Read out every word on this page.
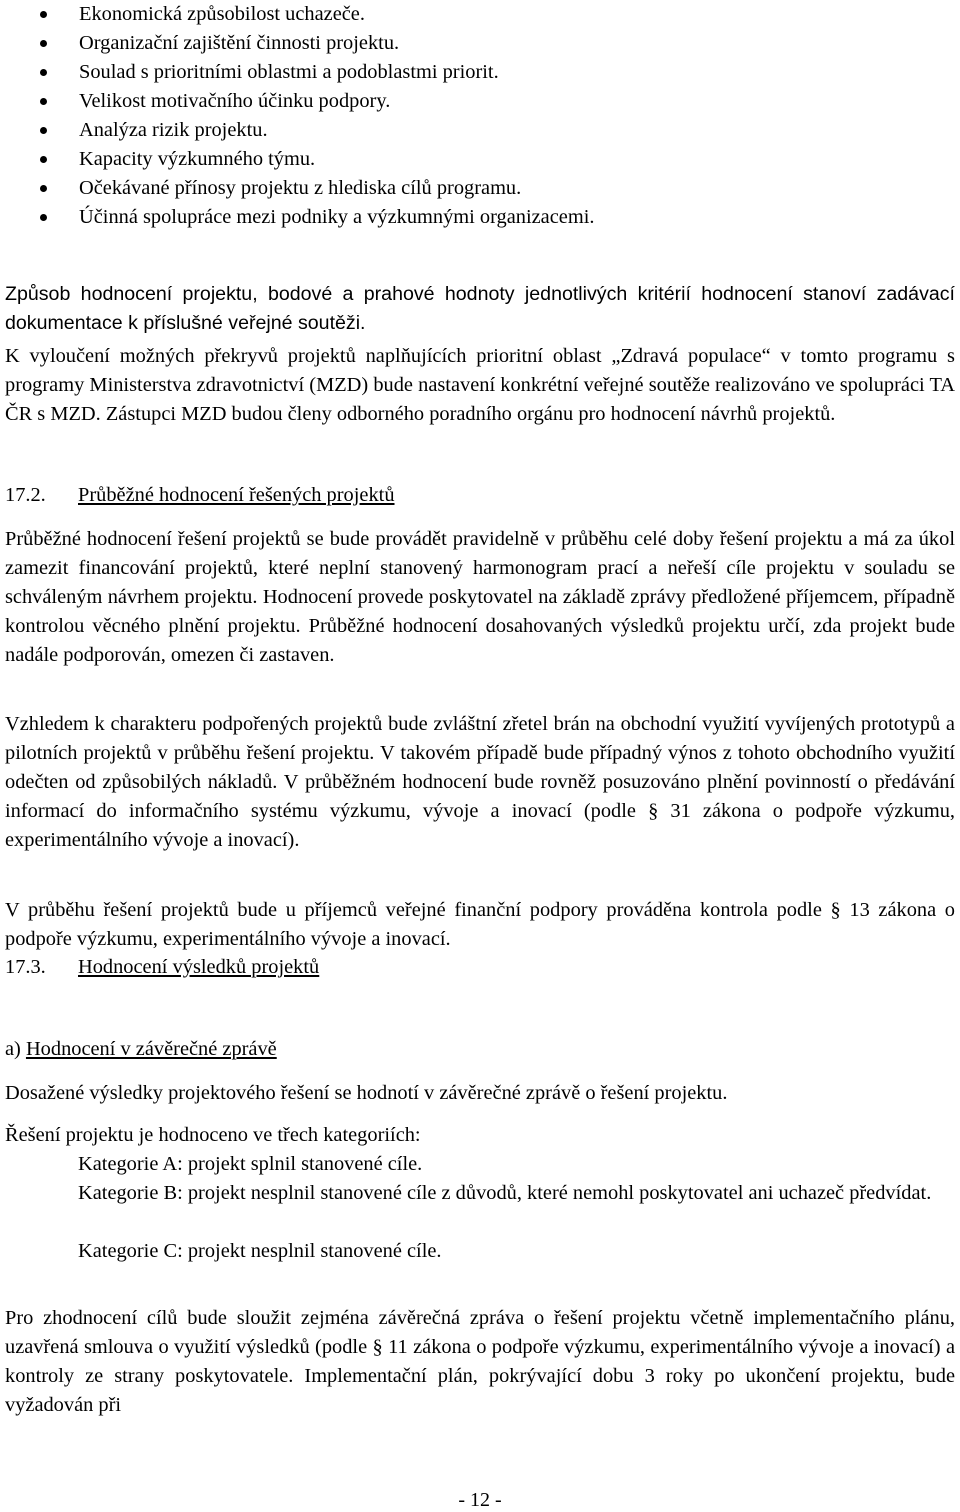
Ekonomická způsobilost uchazeče.
Organizační zajištění činnosti projektu.
Soulad s prioritními oblastmi a podoblastmi priorit.
Velikost motivačního účinku podpory.
Analýza rizik projektu.
Kapacity výzkumného týmu.
Očekávané přínosy projektu z hlediska cílů programu.
Účinná spolupráce mezi podniky a výzkumnými organizacemi.

Způsob hodnocení projektu, bodové a prahové hodnoty jednotlivých kritérií hodnocení stanoví zadávací dokumentace k příslušné veřejné soutěži.

K vyloučení možných překryvů projektů naplňujících prioritní oblast „Zdravá populace“ v tomto programu s programy Ministerstva zdravotnictví (MZD) bude nastavení konkrétní veřejné soutěže realizováno ve spolupráci TA ČR s MZD. Zástupci MZD budou členy odborného poradního orgánu pro hodnocení návrhů projektů.

17.2. Průběžné hodnocení řešených projektů

Průběžné hodnocení řešení projektů se bude provádět pravidelně v průběhu celé doby řešení projektu a má za úkol zamezit financování projektů, které neplní stanovený harmonogram prací a neřeší cíle projektu v souladu se schváleným návrhem projektu. Hodnocení provede poskytovatel na základě zprávy předložené příjemcem, případně kontrolou věcného plnění projektu. Průběžné hodnocení dosahovaných výsledků projektu určí, zda projekt bude nadále podporován, omezen či zastaven.

Vzhledem k charakteru podpořených projektů bude zvláštní zřetel brán na obchodní využití vyvíjených prototypů a pilotních projektů v průběhu řešení projektu. V takovém případě bude případný výnos z tohoto obchodního využití odečten od způsobilých nákladů. V průběžném hodnocení bude rovněž posuzováno plnění povinností o předávání informací do informačního systému výzkumu, vývoje a inovací (podle § 31 zákona o podpoře výzkumu, experimentálního vývoje a inovací).

V průběhu řešení projektů bude u příjemců veřejné finanční podpory prováděna kontrola podle § 13 zákona o podpoře výzkumu, experimentálního vývoje a inovací.

17.3. Hodnocení výsledků projektů

a) Hodnocení v závěrečné zprávě

Dosažené výsledky projektového řešení se hodnotí v závěrečné zprávě o řešení projektu.

Řešení projektu je hodnoceno ve třech kategoriích:

Kategorie A: projekt splnil stanovené cíle.

Kategorie B: projekt nesplnil stanovené cíle z důvodů, které nemohl poskytovatel ani uchazeč předvídat.

Kategorie C: projekt nesplnil stanovené cíle.

Pro zhodnocení cílů bude sloužit zejména závěrečná zpráva o řešení projektu včetně implementačního plánu, uzavřená smlouva o využití výsledků (podle § 11 zákona o podpoře výzkumu, experimentálního vývoje a inovací) a kontroly ze strany poskytovatele. Implementační plán, pokrývající dobu 3 roky po ukončení projektu, bude vyžadován při

- 12 -
